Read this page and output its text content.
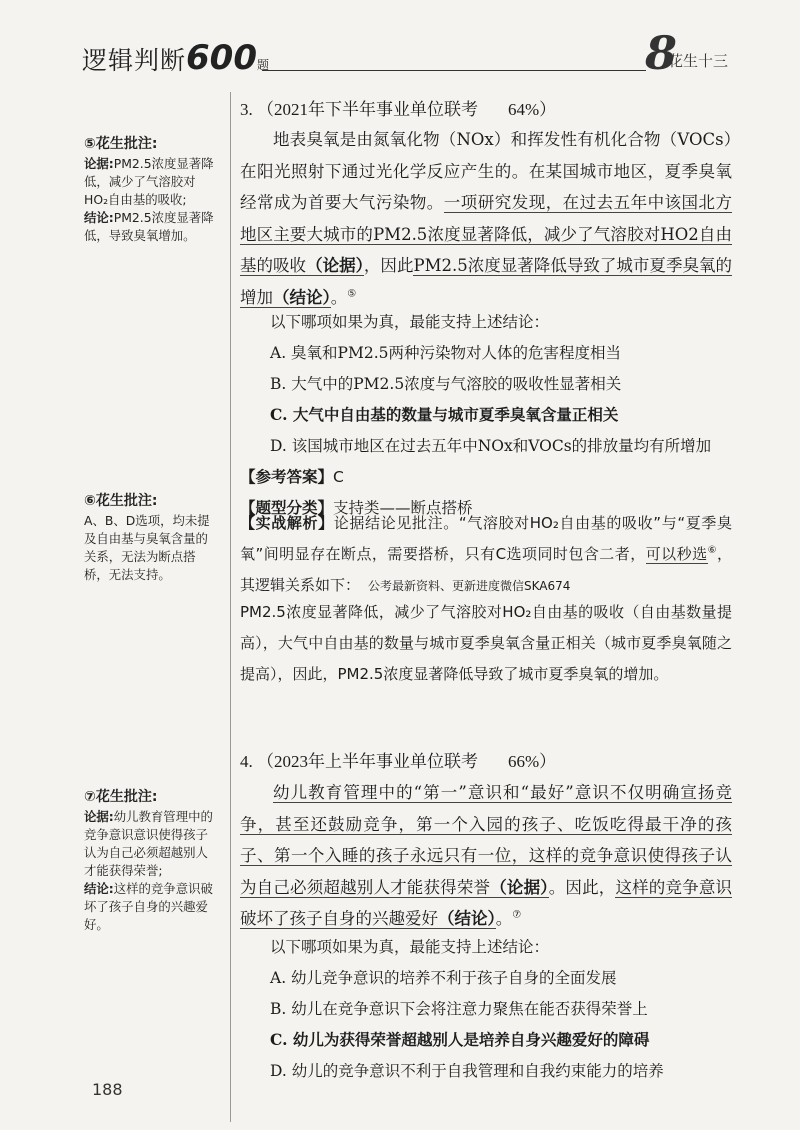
逻辑判断600题	8
花生十三
⑤花生批注:
论据:PM2.5浓度显著降低，减少了气溶胶对HO₂自由基的吸收;
结论:PM2.5浓度显著降低，导致臭氧增加。
⑥花生批注:
A、B、D选项，均未提及自由基与臭氧含量的关系，无法为断点搭桥，无法支持。
⑦花生批注:
论据:幼儿教育管理中的竞争意识意识使得孩子认为自己必须超越别人才能获得荣誉;
结论:这样的竞争意识破坏了孩子自身的兴趣爱好。
3. （2021年下半年事业单位联考 64%）

地表臭氧是由氮氧化物（NOx）和挥发性有机化合物（VOCs）在阳光照射下通过光化学反应产生的。在某国城市地区，夏季臭氧经常成为首要大气污染物。一项研究发现，在过去五年中该国北方地区主要大城市的PM2.5浓度显著降低，减少了气溶胶对HO2自由基的吸收（论据），因此PM2.5浓度显著降低导致了城市夏季臭氧的增加（结论）。⑤

以下哪项如果为真，最能支持上述结论：
A. 臭氧和PM2.5两种污染物对人体的危害程度相当
B. 大气中的PM2.5浓度与气溶胶的吸收性显著相关
C. 大气中自由基的数量与城市夏季臭氧含量正相关
D. 该国城市地区在过去五年中NOx和VOCs的排放量均有所增加
【参考答案】C
【题型分类】支持类——断点搭桥
【实战解析】论据结论见批注。“气溶胶对HO₂自由基的吸收”与“夏季臭氧”间明显存在断点，需要搭桥，只有C选项同时包含二者，可以秒选⑥，其逻辑关系如下： 公考最新资料、更新进度微信SKA674
PM2.5浓度显著降低，减少了气溶胶对HO₂自由基的吸收（自由基数量提高），大气中自由基的数量与城市夏季臭氧含量正相关（城市夏季臭氧随之提高），因此，PM2.5浓度显著降低导致了城市夏季臭氧的增加。
4. （2023年上半年事业单位联考 66%）

幼儿教育管理中的“第一”意识和“最好”意识不仅明确宣扬竞争，甚至还鼓励竞争，第一个入园的孩子、吃饭吃得最干净的孩子、第一个入睡的孩子永远只有一位，这样的竞争意识使得孩子认为自己必须超越别人才能获得荣誉（论据）。因此，这样的竞争意识破坏了孩子自身的兴趣爱好（结论）。⑦

以下哪项如果为真，最能支持上述结论：
A. 幼儿竞争意识的培养不利于孩子自身的全面发展
B. 幼儿在竞争意识下会将注意力聚焦在能否获得荣誉上
C. 幼儿为获得荣誉超越别人是培养自身兴趣爱好的障碍
D. 幼儿的竞争意识不利于自我管理和自我约束能力的培养
188
